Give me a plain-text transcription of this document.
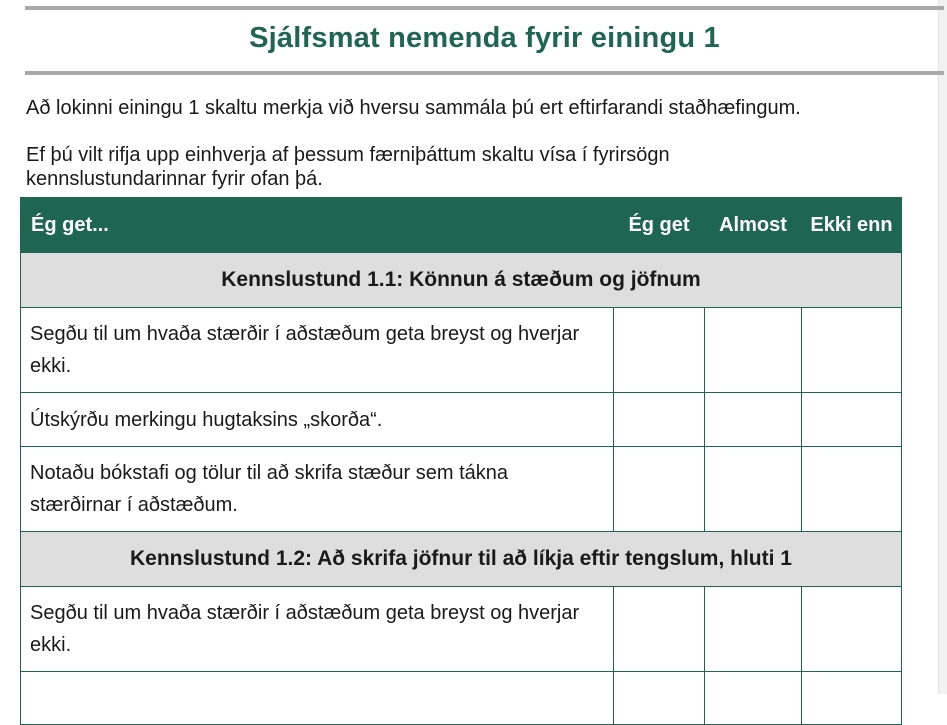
Sjálfsmat nemenda fyrir einingu 1

Að lokinni einingu 1 skaltu merkja við hversu sammála þú ert eftirfarandi staðhæfingum.

Ef þú vilt rifja upp einhverja af þessum færniþáttum skaltu vísa í fyrirsögn kennslustundarinnar fyrir ofan þá.

Ég get...	Ég get	Almost	Ekki enn
Kennslustund 1.1: Könnun á stæðum og jöfnum			
Segðu til um hvaða stærðir í aðstæðum geta breyst og hverjar ekki.			
Útskýrðu merkingu hugtaksins „skorða“.			
Notaðu bókstafi og tölur til að skrifa stæður sem tákna stærðirnar í aðstæðum.			
Kennslustund 1.2: Að skrifa jöfnur til að líkja eftir tengslum, hluti 1			
Segðu til um hvaða stærðir í aðstæðum geta breyst og hverjar ekki.			
